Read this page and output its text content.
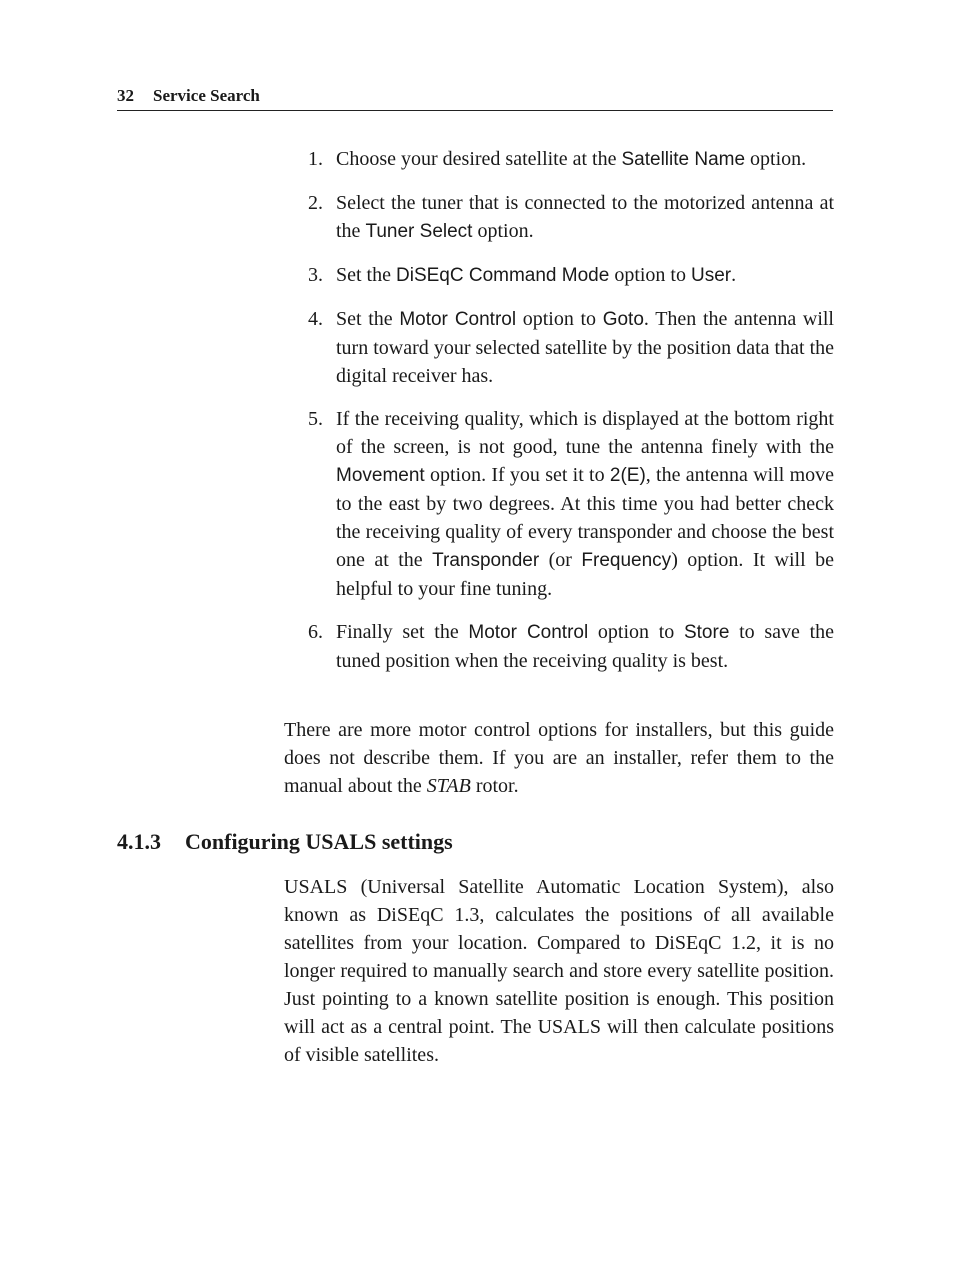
32 Service Search
1. Choose your desired satellite at the Satellite Name option.
2. Select the tuner that is connected to the motorized antenna at the Tuner Select option.
3. Set the DiSEqC Command Mode option to User.
4. Set the Motor Control option to Goto. Then the antenna will turn toward your selected satellite by the position data that the digital receiver has.
5. If the receiving quality, which is displayed at the bottom right of the screen, is not good, tune the antenna finely with the Movement option. If you set it to 2(E), the antenna will move to the east by two degrees. At this time you had better check the receiving quality of every transponder and choose the best one at the Transponder (or Frequency) option. It will be helpful to your fine tuning.
6. Finally set the Motor Control option to Store to save the tuned position when the receiving quality is best.

There are more motor control options for installers, but this guide does not describe them. If you are an installer, refer them to the manual about the STAB rotor.

4.1.3 Configuring USALS settings

USALS (Universal Satellite Automatic Location System), also known as DiSEqC 1.3, calculates the positions of all available satellites from your location. Compared to DiSEqC 1.2, it is no longer required to manually search and store every satellite position. Just pointing to a known satellite position is enough. This position will act as a central point. The USALS will then calculate positions of visible satellites.
